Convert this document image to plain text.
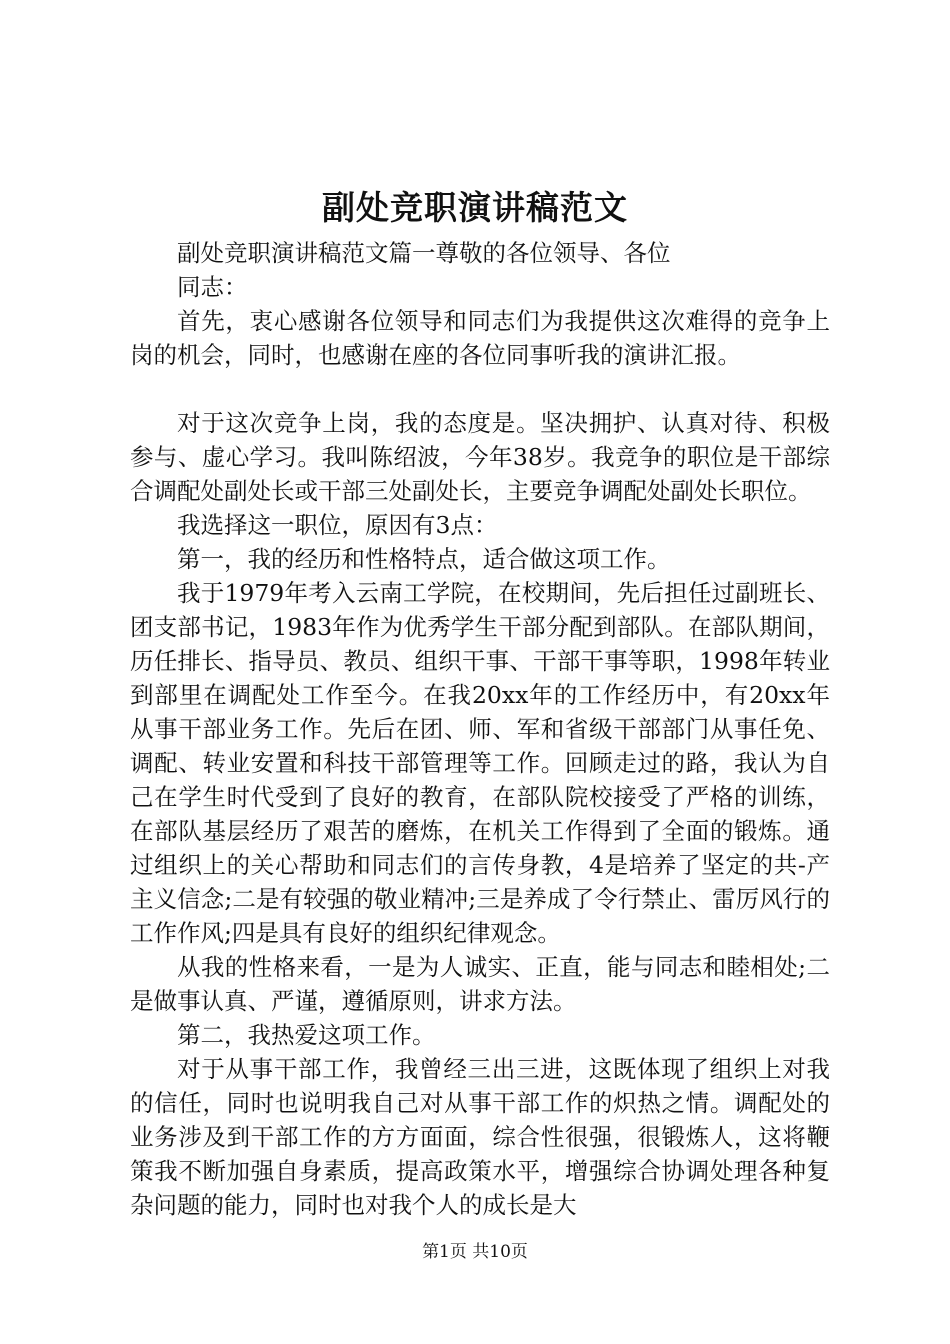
副处竞职演讲稿范文

副处竞职演讲稿范文篇一尊敬的各位领导、各位

同志：

首先，衷心感谢各位领导和同志们为我提供这次难得的竞争上岗的机会，同时，也感谢在座的各位同事听我的演讲汇报。

对于这次竞争上岗，我的态度是。坚决拥护、认真对待、积极参与、虚心学习。我叫陈绍波，今年38岁。我竞争的职位是干部综合调配处副处长或干部三处副处长，主要竞争调配处副处长职位。

我选择这一职位，原因有3点：

第一，我的经历和性格特点，适合做这项工作。

我于1979年考入云南工学院，在校期间，先后担任过副班长、团支部书记，1983年作为优秀学生干部分配到部队。在部队期间，历任排长、指导员、教员、组织干事、干部干事等职，1998年转业到部里在调配处工作至今。在我20xx年的工作经历中，有20xx年从事干部业务工作。先后在团、师、军和省级干部部门从事任免、调配、转业安置和科技干部管理等工作。回顾走过的路，我认为自己在学生时代受到了良好的教育，在部队院校接受了严格的训练，在部队基层经历了艰苦的磨炼，在机关工作得到了全面的锻炼。通过组织上的关心帮助和同志们的言传身教，4是培养了坚定的共-产主义信念;二是有较强的敬业精冲;三是养成了令行禁止、雷厉风行的工作作风;四是具有良好的组织纪律观念。

从我的性格来看，一是为人诚实、正直，能与同志和睦相处;二是做事认真、严谨，遵循原则，讲求方法。

第二，我热爱这项工作。

对于从事干部工作，我曾经三出三进，这既体现了组织上对我的信任，同时也说明我自己对从事干部工作的炽热之情。调配处的业务涉及到干部工作的方方面面，综合性很强，很锻炼人，这将鞭策我不断加强自身素质，提高政策水平，增强综合协调处理各种复杂问题的能力，同时也对我个人的成长是大

第1页 共10页
